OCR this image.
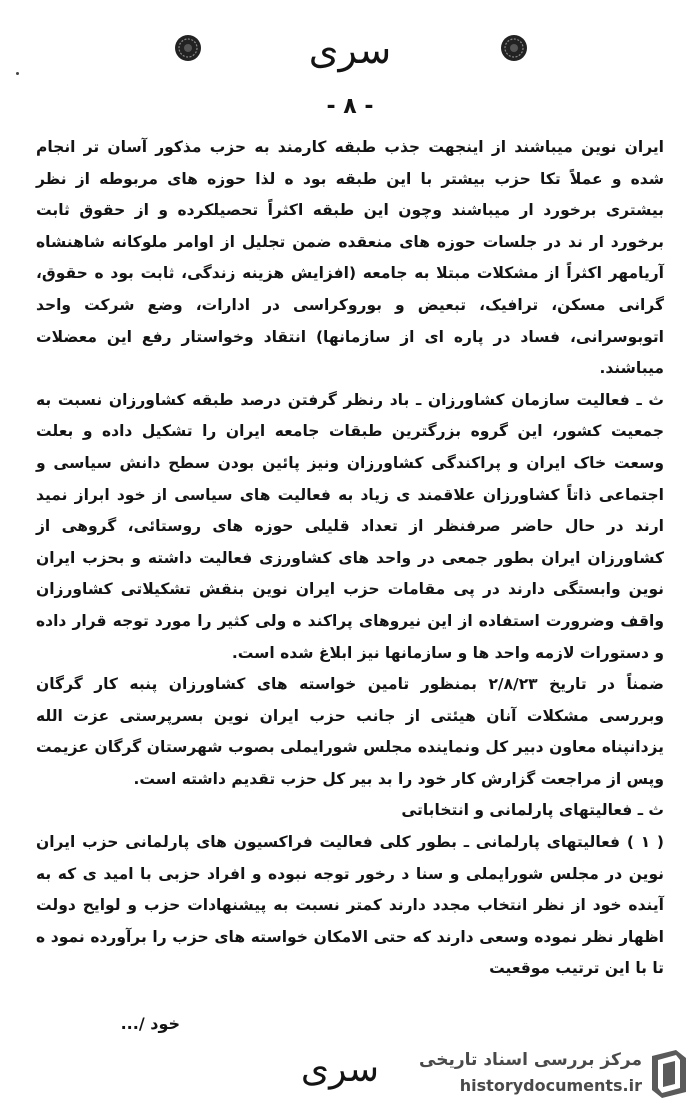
سری
- ۸ -

ایران نوین میباشند از اینجهت جذب طبقه کارمند به حزب مذکور آسان تر انجام شده و عملاً تکا حزب بیشتر با این طبقه بود ه لذا حوزه های مربوطه از نظر بیشتری برخورد ار میباشند وچون این طبقه اکثراً تحصیلکرده و از حقوق ثابت برخورد ار ند در جلسات حوزه های منعقده ضمن تجلیل از اوامر ملوکانه شاهنشاه آریامهر اکثراً از مشکلات مبتلا به جامعه (افزایش هزینه زندگی، ثابت بود ه حقوق، گرانی مسکن، ترافیک، تبعیض و بوروکراسی در ادارات، وضع شرکت واحد اتوبوسرانی، فساد در پاره ای از سازمانها) انتقاد وخواستار رفع این معضلات میباشند.

ث ـ فعالیت سازمان کشاورزان ـ باد رنظر گرفتن درصد طبقه کشاورزان نسبت به جمعیت کشور، این گروه بزرگترین طبقات جامعه ایران را تشکیل داده و بعلت وسعت خاک ایران و پراکندگی کشاورزان ونیز پائین بودن سطح دانش سیاسی و اجتماعی ذاتاً کشاورزان علاقمند ی زیاد به فعالیت های سیاسی از خود ابراز نمید ارند در حال حاضر صرفنظر از تعداد قلیلی حوزه های روستائی، گروهی از کشاورزان ایران بطور جمعی در واحد های کشاورزی فعالیت داشته و بحزب ایران نوین وابستگی دارند در پی مقامات حزب ایران نوین بنقش تشکیلاتی کشاورزان واقف وضرورت استفاده از این نیروهای پراکند ه ولی کثیر را مورد توجه قرار داده و دستورات لازمه واحد ها و سازمانها نیز ابلاغ شده است.

ضمناً در تاریخ ۲/۸/۲۳ بمنظور تامین خواسته های کشاورزان پنبه کار گرگان وبررسی مشکلات آنان هیئتی از جانب حزب ایران نوین بسرپرستی عزت الله یزدانپناه معاون دبیر کل ونماینده مجلس شورایملی بصوب شهرستان گرگان عزیمت وپس از مراجعت گزارش کار خود را بد بیر کل حزب تقدیم داشته است.

ث ـ فعالیتهای پارلمانی و انتخاباتی

( ۱ ) فعالیتهای پارلمانی ـ بطور کلی فعالیت فراکسیون های پارلمانی حزب ایران نوین در مجلس شورایملی و سنا د رخور توجه نبوده و افراد حزبی با امید ی که به آینده خود از نظر انتخاب مجدد دارند کمتر نسبت به پیشنهادات حزب و لوایح دولت اظهار نظر نموده وسعی دارند که حتی الامکان خواسته های حزب را برآورده نمود ه تا با این ترتیب موقعیت

خود /...
سری	مرکز بررسی اسناد تاریخی
historydocuments.ir
